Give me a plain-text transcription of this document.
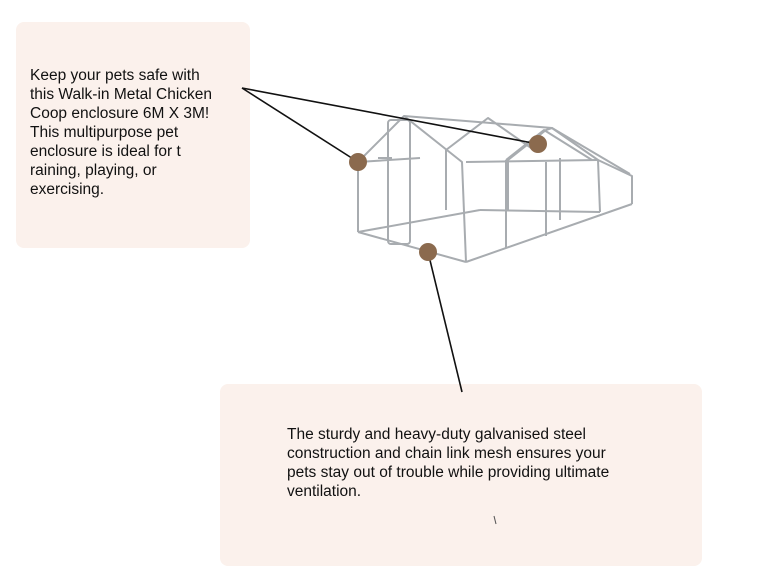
Keep your pets safe with
this Walk-in Metal Chicken
Coop enclosure 6M X 3M!
This multipurpose pet
enclosure is ideal for t
raining, playing, or
exercising.

The sturdy and heavy-duty galvanised steel
construction and chain link mesh ensures your
pets stay out of trouble while providing ultimate
ventilation.
